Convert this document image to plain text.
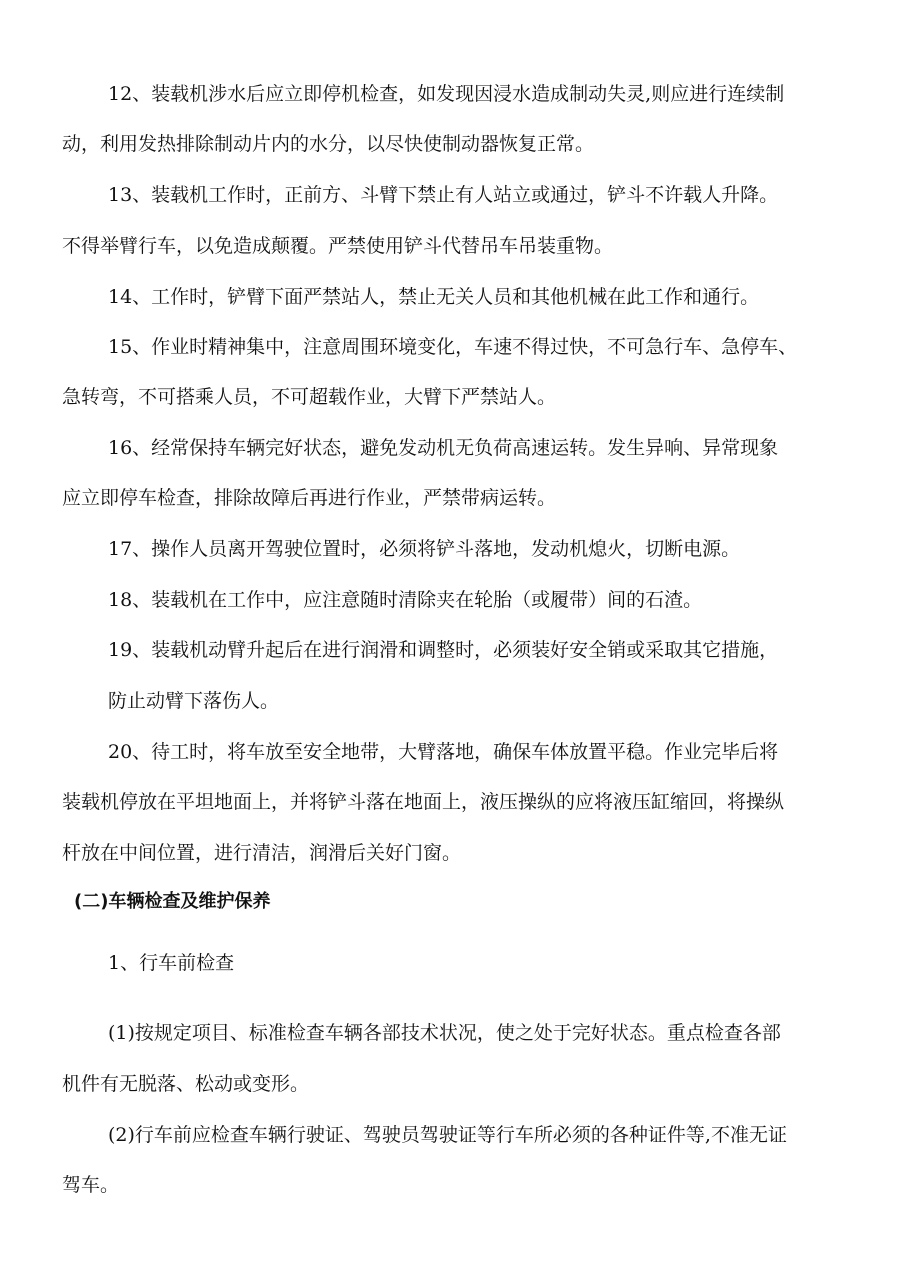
12、装载机涉水后应立即停机检查，如发现因浸水造成制动失灵,则应进行连续制
动，利用发热排除制动片内的水分，以尽快使制动器恢复正常。
13、装载机工作时，正前方、斗臂下禁止有人站立或通过，铲斗不许载人升降。
不得举臂行车，以免造成颠覆。严禁使用铲斗代替吊车吊装重物。
14、工作时，铲臂下面严禁站人，禁止无关人员和其他机械在此工作和通行。
15、作业时精神集中，注意周围环境变化，车速不得过快，不可急行车、急停车、
急转弯，不可搭乘人员，不可超载作业，大臂下严禁站人。
16、经常保持车辆完好状态，避免发动机无负荷高速运转。发生异响、异常现象
应立即停车检查，排除故障后再进行作业，严禁带病运转。
17、操作人员离开驾驶位置时，必须将铲斗落地，发动机熄火，切断电源。
18、装载机在工作中，应注意随时清除夹在轮胎（或履带）间的石渣。
19、装载机动臂升起后在进行润滑和调整时，必须装好安全销或采取其它措施，
防止动臂下落伤人。
20、待工时，将车放至安全地带，大臂落地，确保车体放置平稳。作业完毕后将
装载机停放在平坦地面上，并将铲斗落在地面上，液压操纵的应将液压缸缩回，将操纵
杆放在中间位置，进行清洁，润滑后关好门窗。
(二)车辆检查及维护保养
1、行车前检查
(1)按规定项目、标准检查车辆各部技术状况，使之处于完好状态。重点检查各部
机件有无脱落、松动或变形。
(2)行车前应检查车辆行驶证、驾驶员驾驶证等行车所必须的各种证件等,不准无证
驾车。
